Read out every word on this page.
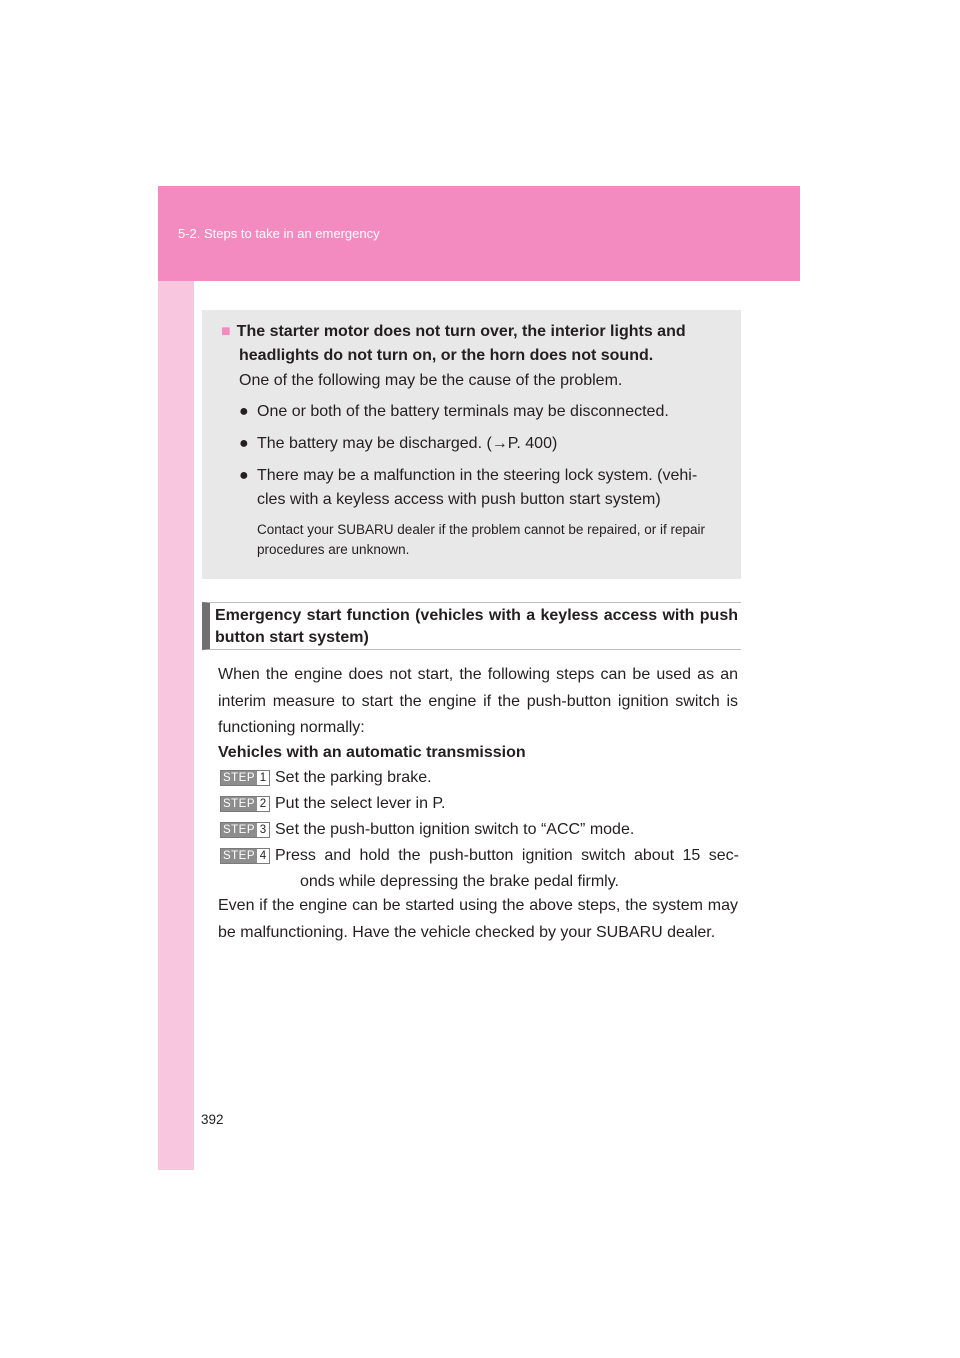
5-2. Steps to take in an emergency
■ The starter motor does not turn over, the interior lights and
headlights do not turn on, or the horn does not sound.
One of the following may be the cause of the problem.
● One or both of the battery terminals may be disconnected.
● The battery may be discharged. (→P. 400)
● There may be a malfunction in the steering lock system. (vehi-
cles with a keyless access with push button start system)
Contact your SUBARU dealer if the problem cannot be repaired, or if repair procedures are unknown.
Emergency start function (vehicles with a keyless access with push button start system)
When the engine does not start, the following steps can be used as an interim measure to start the engine if the push-button ignition switch is functioning normally:
Vehicles with an automatic transmission
STEP 1 Set the parking brake.
STEP 2 Put the select lever in P.
STEP 3 Set the push-button ignition switch to “ACC” mode.
STEP 4 Press and hold the push-button ignition switch about 15 sec-
onds while depressing the brake pedal firmly.
Even if the engine can be started using the above steps, the system may be malfunctioning. Have the vehicle checked by your SUBARU dealer.
392
